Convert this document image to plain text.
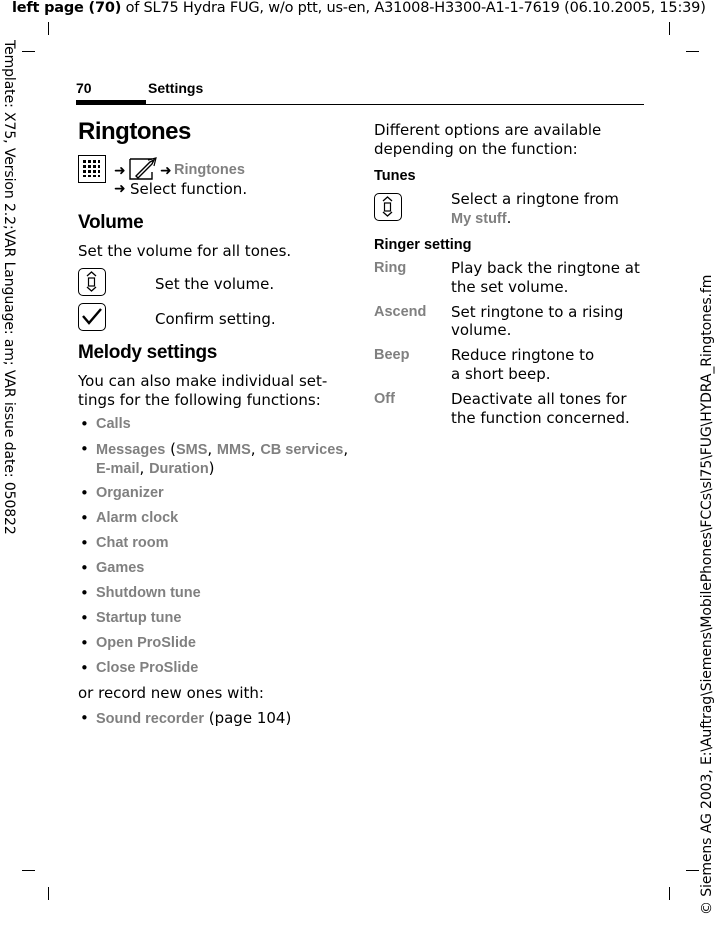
left page (70) of SL75 Hydra FUG, w/o ptt, us-en, A31008-H3300-A1-1-7619 (06.10.2005, 15:39)
Template: X75, Version 2.2;VAR Language: am; VAR issue date: 050822	© Siemens AG 2003, E:\Auftrag\Siemens\MobilePhones\FCCs\sl75\FUG\HYDRA_Ringtones.fm
70	Settings
Ringtones
➜ ➜ Ringtones
➜ Select function.
Volume
Set the volume for all tones.
Set the volume.
Confirm setting.
Melody settings
You can also make individual set-
tings for the following functions:
• Calls
• Messages (SMS, MMS, CB services,
E-mail, Duration)
• Organizer
• Alarm clock
• Chat room
• Games
• Shutdown tune
• Startup tune
• Open ProSlide
• Close ProSlide
or record new ones with:
• Sound recorder (page 104)
Different options are available
depending on the function:
Tunes
Select a ringtone from
My stuff.
Ringer setting
Ring	Play back the ringtone at
the set volume.
Ascend Set ringtone to a rising
volume.
Beep	Reduce ringtone to
a short beep.
Off	Deactivate all tones for
the function concerned.
